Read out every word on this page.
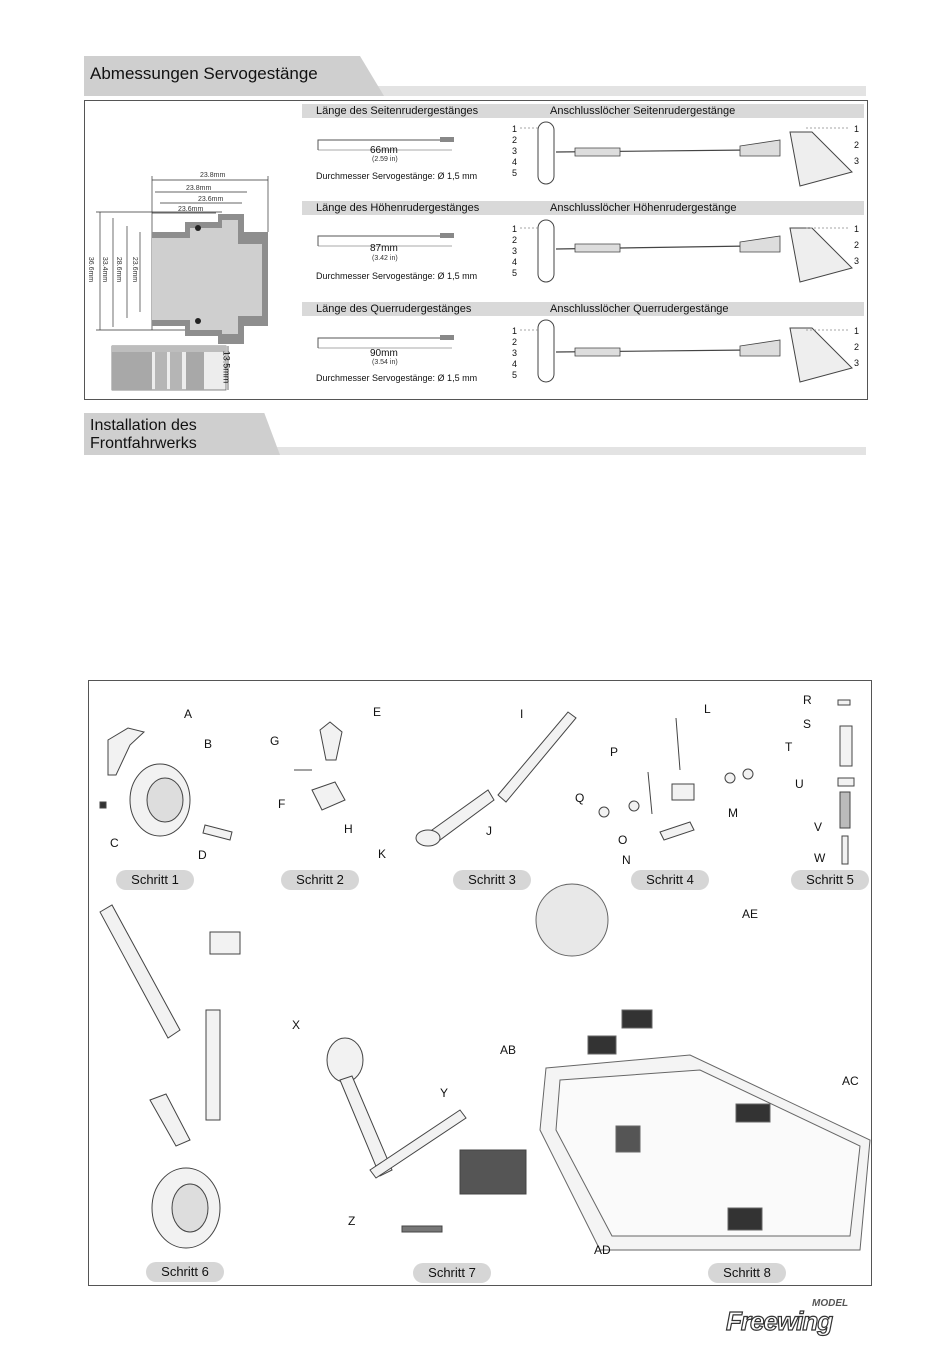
Abmessungen Servogestänge
23.8mm
23.8mm
23.6mm
23.6mm
36.6mm 33.4mm 28.6mm 23.6mm
13.5mm
Länge des Seitenrudergestänges	Anschlusslöcher Seitenrudergestänge
Länge des Höhenrudergestänges	Anschlusslöcher Höhenrudergestänge
Länge des Querrudergestänges	Anschlusslöcher Querrudergestänge
66mm
(2.59 in)
Durchmesser Servogestänge: Ø 1,5 mm
87mm
(3.42 in)
Durchmesser Servogestänge: Ø 1,5 mm
90mm
(3.54 in)
Durchmesser Servogestänge: Ø 1,5 mm
1
2
3
4
5
1
2
3
1
2
3
4
5
1
2
3
1
2
3
4
5
1
2
3
Installation des
Frontfahrwerks
A
B
C
D
E
G
F
H
I
J
K
L
M
N
O
P
Q
R
S
T
U
V
W
X
Y
Z
AB
AC
AD
AE
Schritt 1	Schritt 2	Schritt 3	Schritt 4	Schritt 5
Schritt 6	Schritt 7	Schritt 8
MODEL
Freewing
